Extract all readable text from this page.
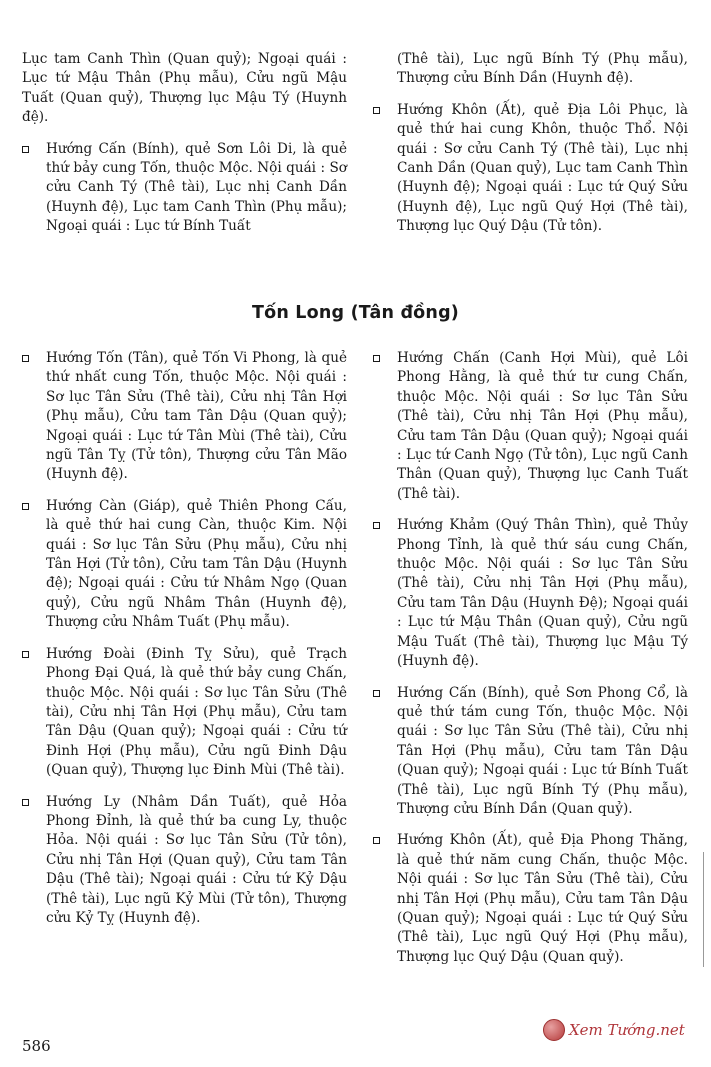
Lục tam Canh Thìn (Quan quỷ); Ngoại quái : Lục tứ Mậu Thân (Phụ mẫu), Cửu ngũ Mậu Tuất (Quan quỷ), Thượng lục Mậu Tý (Huynh đệ).

Hướng Cấn (Bính), quẻ Sơn Lôi Di, là quẻ thứ bảy cung Tốn, thuộc Mộc. Nội quái : Sơ cửu Canh Tý (Thê tài), Lục nhị Canh Dần (Huynh đệ), Lục tam Canh Thìn (Phụ mẫu); Ngoại quái : Lục tứ Bính Tuất

(Thê tài), Lục ngũ Bính Tý (Phụ mẫu), Thượng cửu Bính Dần (Huynh đệ).

Hướng Khôn (Ất), quẻ Địa Lôi Phục, là quẻ thứ hai cung Khôn, thuộc Thổ. Nội quái : Sơ cửu Canh Tý (Thê tài), Lục nhị Canh Dần (Quan quỷ), Lục tam Canh Thìn (Huynh đệ); Ngoại quái : Lục tứ Quý Sửu (Huynh đệ), Lục ngũ Quý Hợi (Thê tài), Thượng lục Quý Dậu (Tử tôn).

Tốn Long (Tân đồng)

Hướng Tốn (Tân), quẻ Tốn Vi Phong, là quẻ thứ nhất cung Tốn, thuộc Mộc. Nội quái : Sơ lục Tân Sửu (Thê tài), Cửu nhị Tân Hợi (Phụ mẫu), Cửu tam Tân Dậu (Quan quỷ); Ngoại quái : Lục tứ Tân Mùi (Thê tài), Cửu ngũ Tân Tỵ (Tử tôn), Thượng cửu Tân Mão (Huynh đệ).

Hướng Càn (Giáp), quẻ Thiên Phong Cấu, là quẻ thứ hai cung Càn, thuộc Kim. Nội quái : Sơ lục Tân Sửu (Phụ mẫu), Cửu nhị Tân Hợi (Tử tôn), Cửu tam Tân Dậu (Huynh đệ); Ngoại quái : Cửu tứ Nhâm Ngọ (Quan quỷ), Cửu ngũ Nhâm Thân (Huynh đệ), Thượng cửu Nhâm Tuất (Phụ mẫu).

Hướng Đoài (Đinh Tỵ Sửu), quẻ Trạch Phong Đại Quá, là quẻ thứ bảy cung Chấn, thuộc Mộc. Nội quái : Sơ lục Tân Sửu (Thê tài), Cửu nhị Tân Hợi (Phụ mẫu), Cửu tam Tân Dậu (Quan quỷ); Ngoại quái : Cửu tứ Đinh Hợi (Phụ mẫu), Cửu ngũ Đinh Dậu (Quan quỷ), Thượng lục Đinh Mùi (Thê tài).

Hướng Ly (Nhâm Dần Tuất), quẻ Hỏa Phong Đỉnh, là quẻ thứ ba cung Ly, thuộc Hỏa. Nội quái : Sơ lục Tân Sửu (Tử tôn), Cửu nhị Tân Hợi (Quan quỷ), Cửu tam Tân Dậu (Thê tài); Ngoại quái : Cửu tứ Kỷ Dậu (Thê tài), Lục ngũ Kỷ Mùi (Tử tôn), Thượng cửu Kỷ Tỵ (Huynh đệ).

Hướng Chấn (Canh Hợi Mùi), quẻ Lôi Phong Hằng, là quẻ thứ tư cung Chấn, thuộc Mộc. Nội quái : Sơ lục Tân Sửu (Thê tài), Cửu nhị Tân Hợi (Phụ mẫu), Cửu tam Tân Dậu (Quan quỷ); Ngoại quái : Lục tứ Canh Ngọ (Tử tôn), Lục ngũ Canh Thân (Quan quỷ), Thượng lục Canh Tuất (Thê tài).

Hướng Khảm (Quý Thân Thìn), quẻ Thủy Phong Tỉnh, là quẻ thứ sáu cung Chấn, thuộc Mộc. Nội quái : Sơ lục Tân Sửu (Thê tài), Cửu nhị Tân Hợi (Phụ mẫu), Cửu tam Tân Dậu (Huynh Đệ); Ngoại quái : Lục tứ Mậu Thân (Quan quỷ), Cửu ngũ Mậu Tuất (Thê tài), Thượng lục Mậu Tý (Huynh đệ).

Hướng Cấn (Bính), quẻ Sơn Phong Cổ, là quẻ thứ tám cung Tốn, thuộc Mộc. Nội quái : Sơ lục Tân Sửu (Thê tài), Cửu nhị Tân Hợi (Phụ mẫu), Cửu tam Tân Dậu (Quan quỷ); Ngoại quái : Lục tứ Bính Tuất (Thê tài), Lục ngũ Bính Tý (Phụ mẫu), Thượng cửu Bính Dần (Quan quỷ).

Hướng Khôn (Ất), quẻ Địa Phong Thăng, là quẻ thứ năm cung Chấn, thuộc Mộc. Nội quái : Sơ lục Tân Sửu (Thê tài), Cửu nhị Tân Hợi (Phụ mẫu), Cửu tam Tân Dậu (Quan quỷ); Ngoại quái : Lục tứ Quý Sửu (Thê tài), Lục ngũ Quý Hợi (Phụ mẫu), Thượng lục Quý Dậu (Quan quỷ).

586
Xem Tướng.net
